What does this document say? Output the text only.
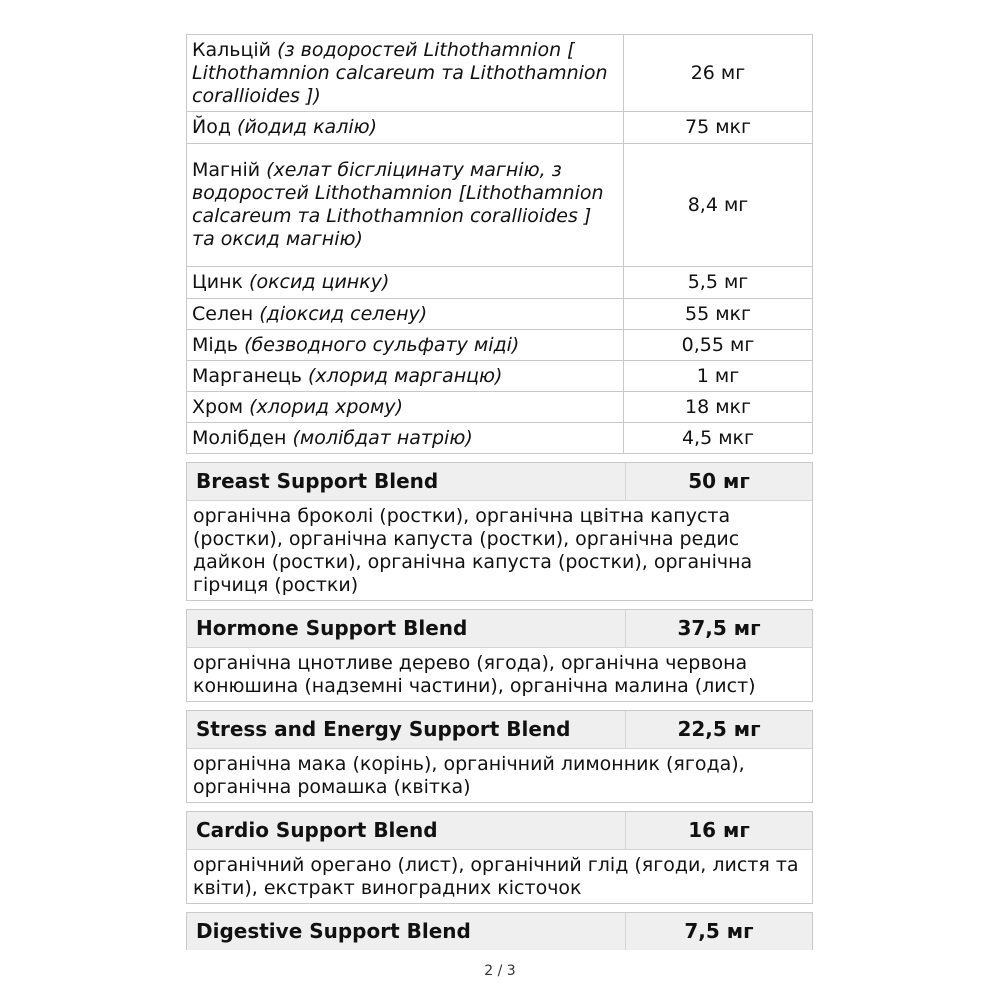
Кальцій (з водоростей Lithothamnion [ Lithothamnion calcareum та Lithothamnion corallioides ])	26 мг
Йод (йодид калію)	75 мкг
Магній (хелат бісгліцинату магнію, з водоростей Lithothamnion [Lithothamnion calcareum та Lithothamnion corallioides ] та оксид магнію)	8,4 мг
Цинк (оксид цинку)	5,5 мг
Селен (діоксид селену)	55 мкг
Мідь (безводного сульфату міді)	0,55 мг
Марганець (хлорид марганцю)	1 мг
Хром (хлорид хрому)	18 мкг
Молібден (молібдат натрію)	4,5 мкг
Breast Support Blend	50 мг
органічна броколі (ростки), органічна цвітна капуста (ростки), органічна капуста (ростки), органічна редис дайкон (ростки), органічна капуста (ростки), органічна гірчиця (ростки)
Hormone Support Blend	37,5 мг
органічна цнотливе дерево (ягода), органічна червона конюшина (надземні частини), органічна малина (лист)
Stress and Energy Support Blend	22,5 мг
органічна мака (корінь), органічний лимонник (ягода), органічна ромашка (квітка)
Cardio Support Blend	16 мг
органічний орегано (лист), органічний глід (ягоди, листя та квіти), екстракт виноградних кісточок
Digestive Support Blend	7,5 мг
2 / 3
